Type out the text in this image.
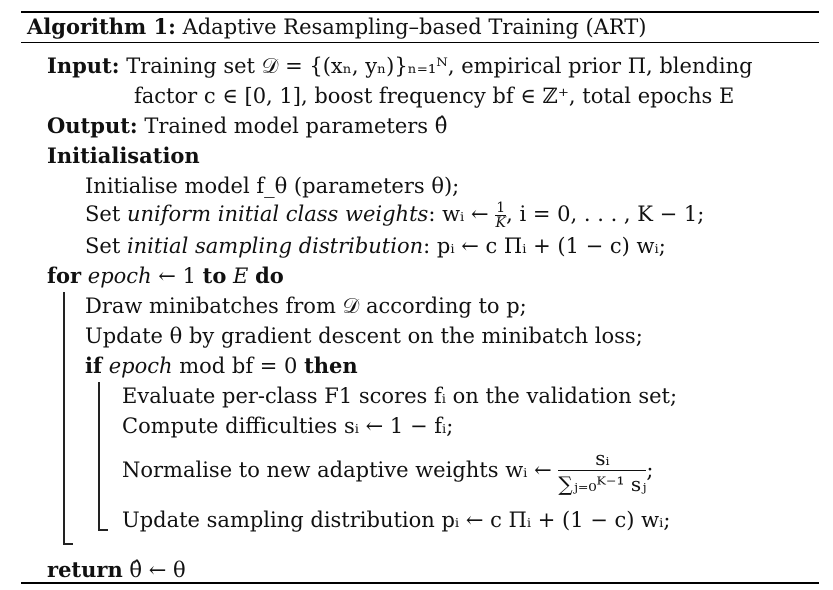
Algorithm 1: Adaptive Resampling–based Training (ART)
Input: Training set 𝒟 = {(xₙ, yₙ)}ₙ₌₁ᴺ, empirical prior Π, blending
factor c ∈ [0, 1], boost frequency bf ∈ ℤ⁺, total epochs E
Output: Trained model parameters θ̂
Initialisation
Initialise model f_θ (parameters θ);
Set uniform initial class weights: wᵢ ← $\frac{1}{K}$ , i = 0, . . . , K − 1;
Set initial sampling distribution: pᵢ ← c Πᵢ + (1 − c) wᵢ;
for epoch ← 1 to E do
Draw minibatches from 𝒟 according to p;
Update θ by gradient descent on the minibatch loss;
if epoch mod bf = 0 then
Evaluate per-class F1 scores fᵢ on the validation set;
Compute difficulties sᵢ ← 1 − fᵢ;
Normalise to new adaptive weights wᵢ ← $\frac{\text{sᵢ}}{\text{∑ⱼ₌₀ᴷ⁻¹ sⱼ}}$ ;
Update sampling distribution pᵢ ← c Πᵢ + (1 − c) wᵢ;
return θ̂ ← θ
